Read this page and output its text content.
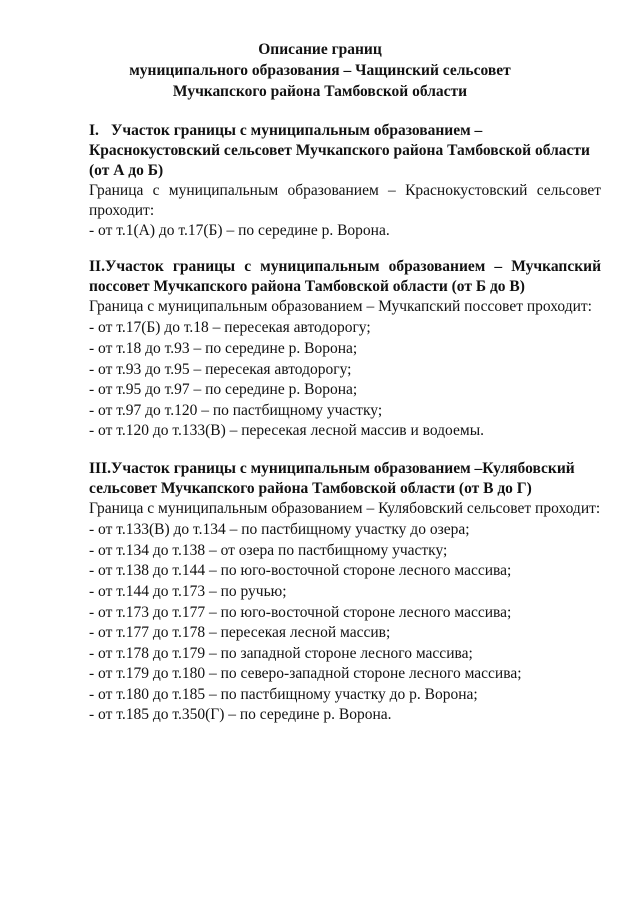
Описание границ
муниципального образования – Чащинский сельсовет
Мучкапского района Тамбовской области
I. Участок границы с муниципальным образованием –
Краснокустовский сельсовет Мучкапского района Тамбовской области
(от А до Б)
Граница с муниципальным образованием – Краснокустовский сельсовет
проходит:
- от т.1(А) до т.17(Б) – по середине р. Ворона.
II.Участок границы с муниципальным образованием – Мучкапский
поссовет Мучкапского района Тамбовской области (от Б до В)
Граница с муниципальным образованием – Мучкапский поссовет проходит:
- от т.17(Б) до т.18 – пересекая автодорогу;
- от т.18 до т.93 – по середине р. Ворона;
- от т.93 до т.95 – пересекая автодорогу;
- от т.95 до т.97 – по середине р. Ворона;
- от т.97 до т.120 – по пастбищному участку;
- от т.120 до т.133(В) – пересекая лесной массив и водоемы.
III.Участок границы с муниципальным образованием –Кулябовский
сельсовет Мучкапского района Тамбовской области (от В до Г)
Граница с муниципальным образованием – Кулябовский сельсовет проходит:
- от т.133(В) до т.134 – по пастбищному участку до озера;
- от т.134 до т.138 – от озера по пастбищному участку;
- от т.138 до т.144 – по юго-восточной стороне лесного массива;
- от т.144 до т.173 – по ручью;
- от т.173 до т.177 – по юго-восточной стороне лесного массива;
- от т.177 до т.178 – пересекая лесной массив;
- от т.178 до т.179 – по западной стороне лесного массива;
- от т.179 до т.180 – по северо-западной стороне лесного массива;
- от т.180 до т.185 – по пастбищному участку до р. Ворона;
- от т.185 до т.350(Г) – по середине р. Ворона.
